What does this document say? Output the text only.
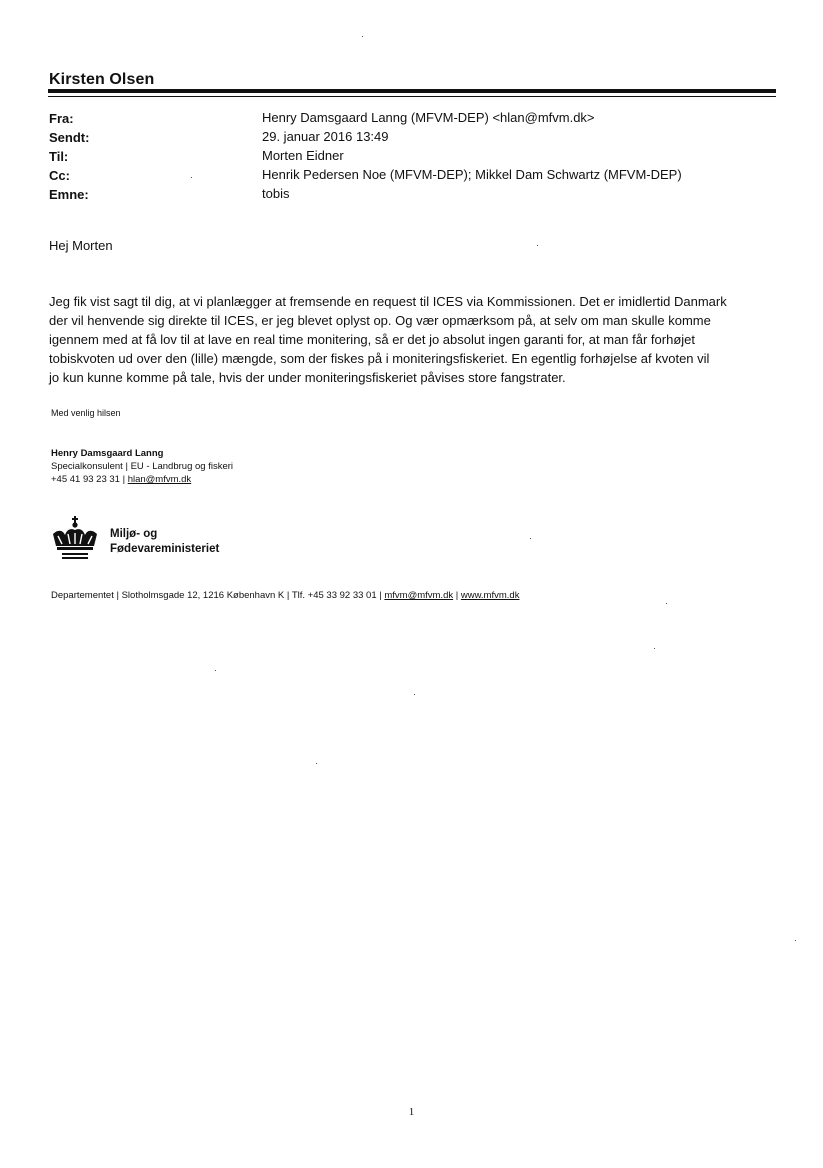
Kirsten Olsen
Fra:	Henry Damsgaard Lanng (MFVM-DEP) <hlan@mfvm.dk>
Sendt:	29. januar 2016 13:49
Til:	Morten Eidner
Cc:	Henrik Pedersen Noe (MFVM-DEP); Mikkel Dam Schwartz (MFVM-DEP)
Emne:	tobis
Hej Morten
Jeg fik vist sagt til dig, at vi planlægger at fremsende en request til ICES via Kommissionen. Det er imidlertid Danmark
der vil henvende sig direkte til ICES, er jeg blevet oplyst op. Og vær opmærksom på, at selv om man skulle komme
igennem med at få lov til at lave en real time monitering, så er det jo absolut ingen garanti for, at man får forhøjet
tobiskvoten ud over den (lille) mængde, som der fiskes på i moniteringsfiskeriet. En egentlig forhøjelse af kvoten vil
jo kun kunne komme på tale, hvis der under moniteringsfiskeriet påvises store fangstrater.
Med venlig hilsen
Henry Damsgaard Lanng
Specialkonsulent | EU - Landbrug og fiskeri
+45 41 93 23 31 | hlan@mfvm.dk
Miljø- og
Fødevareministeriet
Departementet | Slotholmsgade 12, 1216 København K | Tlf. +45 33 92 33 01 | mfvm@mfvm.dk | www.mfvm.dk
1
